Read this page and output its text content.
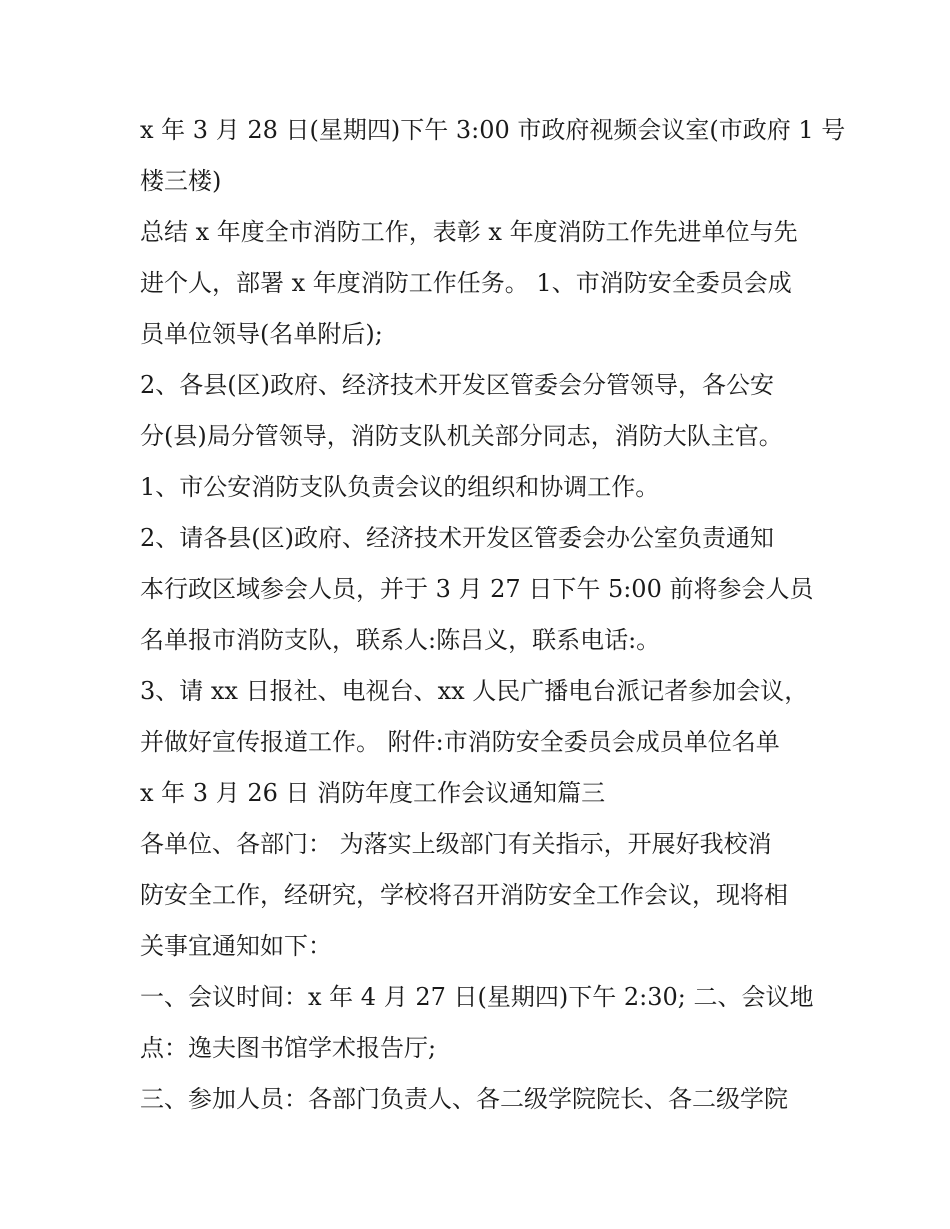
x 年 3 月 28 日(星期四)下午 3:00 市政府视频会议室(市政府 1 号
楼三楼)
总结 x 年度全市消防工作，表彰 x 年度消防工作先进单位与先
进个人，部署 x 年度消防工作任务。 1、市消防安全委员会成
员单位领导(名单附后);
2、各县(区)政府、经济技术开发区管委会分管领导，各公安
分(县)局分管领导，消防支队机关部分同志，消防大队主官。
1、市公安消防支队负责会议的组织和协调工作。
2、请各县(区)政府、经济技术开发区管委会办公室负责通知
本行政区域参会人员，并于 3 月 27 日下午 5:00 前将参会人员
名单报市消防支队，联系人:陈吕义，联系电话:。
3、请 xx 日报社、电视台、xx 人民广播电台派记者参加会议，
并做好宣传报道工作。 附件:市消防安全委员会成员单位名单
x 年 3 月 26 日 消防年度工作会议通知篇三
各单位、各部门： 为落实上级部门有关指示，开展好我校消
防安全工作，经研究，学校将召开消防安全工作会议，现将相
关事宜通知如下：
一、会议时间：x 年 4 月 27 日(星期四)下午 2:30; 二、会议地
点：逸夫图书馆学术报告厅;
三、参加人员：各部门负责人、各二级学院院长、各二级学院
